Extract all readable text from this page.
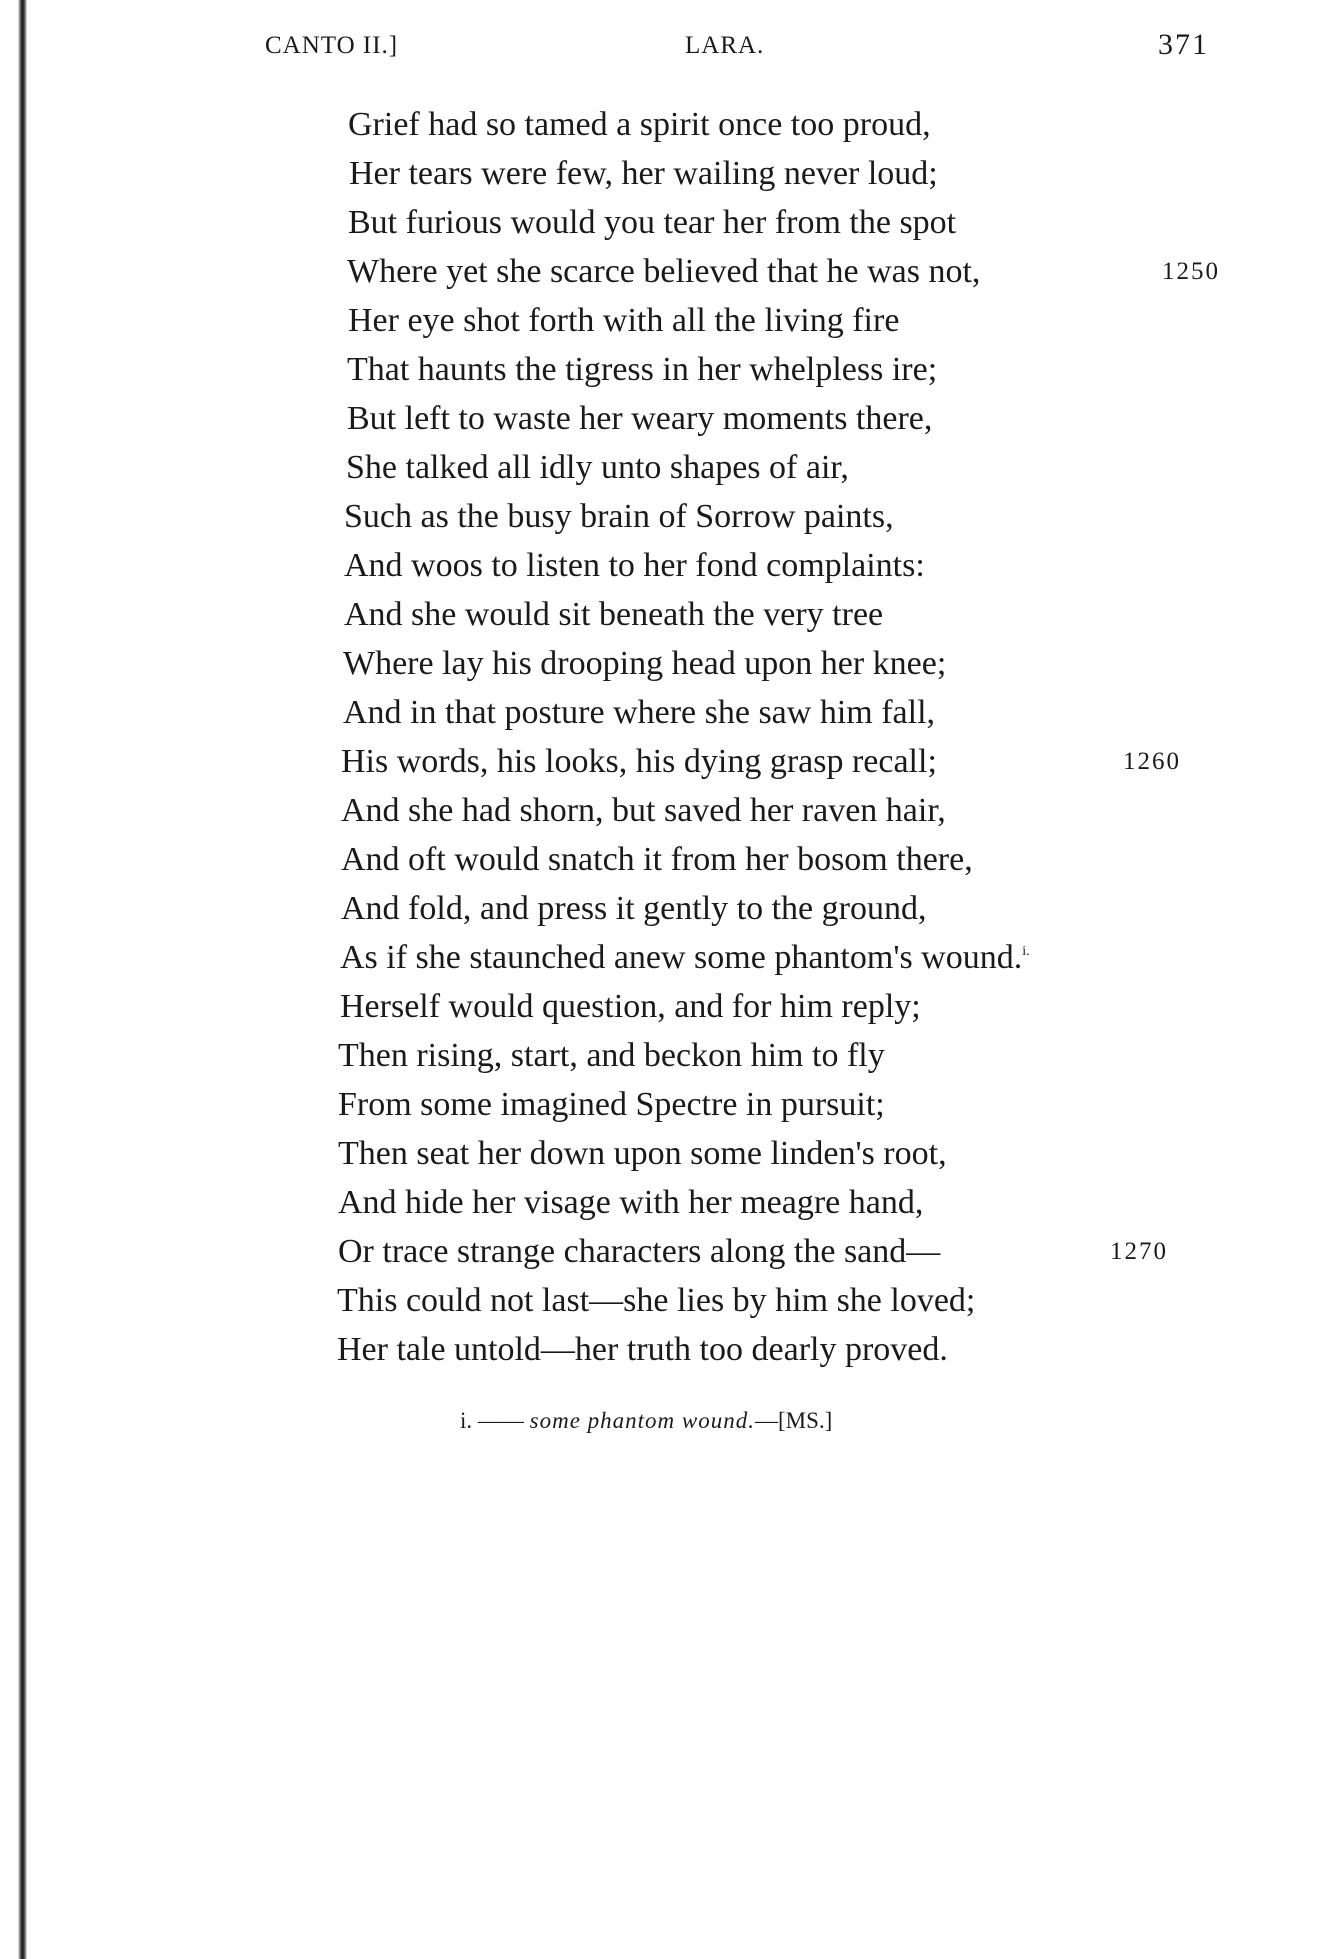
CANTO II.]	LARA.	371
Grief had so tamed a spirit once too proud,
Her tears were few, her wailing never loud;
But furious would you tear her from the spot
Where yet she scarce believed that he was not,	1250
Her eye shot forth with all the living fire
That haunts the tigress in her whelpless ire;
But left to waste her weary moments there,
She talked all idly unto shapes of air,
Such as the busy brain of Sorrow paints,
And woos to listen to her fond complaints:
And she would sit beneath the very tree
Where lay his drooping head upon her knee;
And in that posture where she saw him fall,
His words, his looks, his dying grasp recall;	1260
And she had shorn, but saved her raven hair,
And oft would snatch it from her bosom there,
And fold, and press it gently to the ground,
As if she staunched anew some phantom's wound.$^{i.}$
Herself would question, and for him reply;
Then rising, start, and beckon him to fly
From some imagined Spectre in pursuit;
Then seat her down upon some linden's root,
And hide her visage with her meagre hand,
Or trace strange characters along the sand—	1270
This could not last—she lies by him she loved;
Her tale untold—her truth too dearly proved.
i. —— some phantom wound.—[MS.]
